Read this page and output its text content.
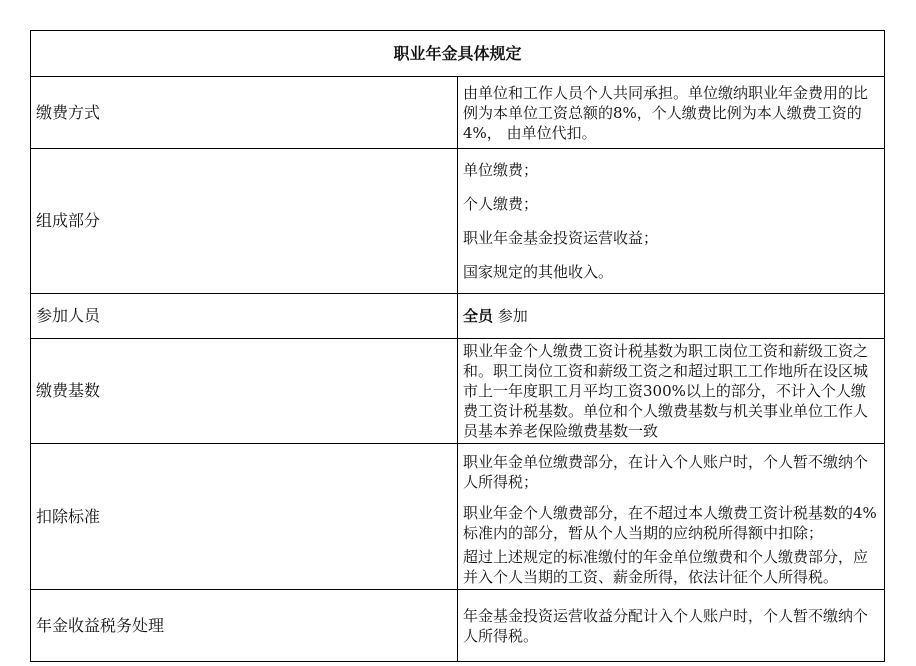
职业年金具体规定	
缴费方式	由单位和工作人员个人共同承担。单位缴纳职业年金费用的比例为本单位工资总额的8%，个人缴费比例为本人缴费工资的4%， 由单位代扣。

组成部分	单位缴费；

个人缴费；

职业年金基金投资运营收益；

国家规定的其他收入。

参加人员	全员 参加
缴费基数	职业年金个人缴费工资计税基数为职工岗位工资和薪级工资之和。职工岗位工资和薪级工资之和超过职工工作地所在设区城市上一年度职工月平均工资300%以上的部分，不计入个人缴费工资计税基数。单位和个人缴费基数与机关事业单位工作人员基本养老保险缴费基数一致

扣除标准	职业年金单位缴费部分，在计入个人账户时，个人暂不缴纳个人所得税；

职业年金个人缴费部分，在不超过本人缴费工资计税基数的4%标准内的部分，暂从个人当期的应纳税所得额中扣除；

超过上述规定的标准缴付的年金单位缴费和个人缴费部分，应并入个人当期的工资、薪金所得，依法计征个人所得税。

年金收益税务处理	年金基金投资运营收益分配计入个人账户时，个人暂不缴纳个人所得税。
